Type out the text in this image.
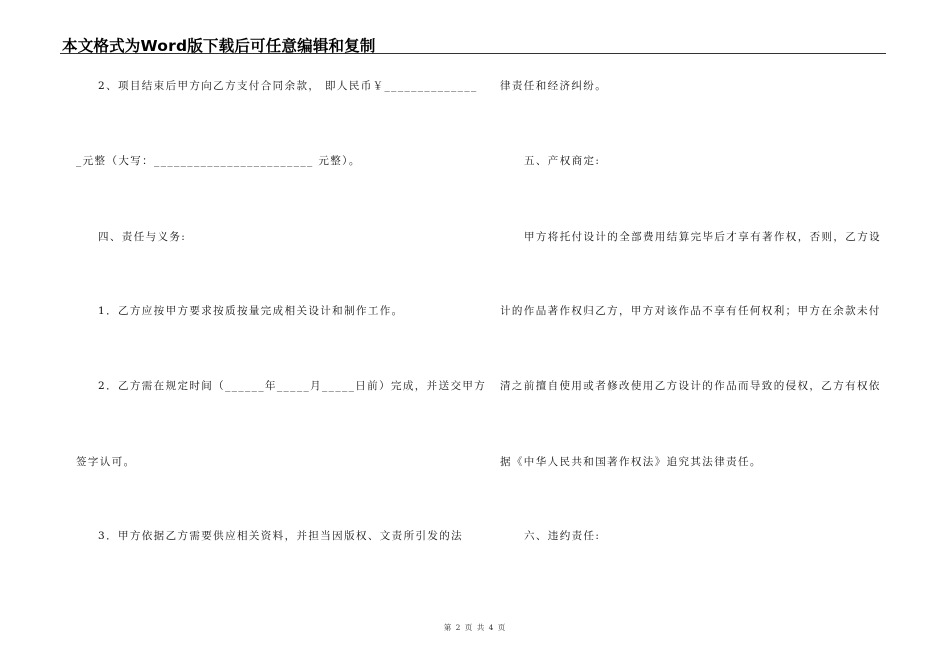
本文格式为Word版下载后可任意编辑和复制
2、项目结束后甲方向乙方支付合同余款， 即人民币￥______________
_元整（大写：________________________ 元整）。
四、责任与义务:
1．乙方应按甲方要求按质按量完成相关设计和制作工作。
2．乙方需在规定时间（______年_____月_____日前）完成，并送交甲方
签字认可。
3．甲方依据乙方需要供应相关资料，并担当因版权、文责所引发的法
律责任和经济纠纷。
五、产权商定:
甲方将托付设计的全部费用结算完毕后才享有著作权，否则，乙方设
计的作品著作权归乙方，甲方对该作品不享有任何权利；甲方在余款未付
清之前擅自使用或者修改使用乙方设计的作品而导致的侵权，乙方有权依
据《中华人民共和国著作权法》追究其法律责任。
六、违约责任:
第 2 页 共 4 页
